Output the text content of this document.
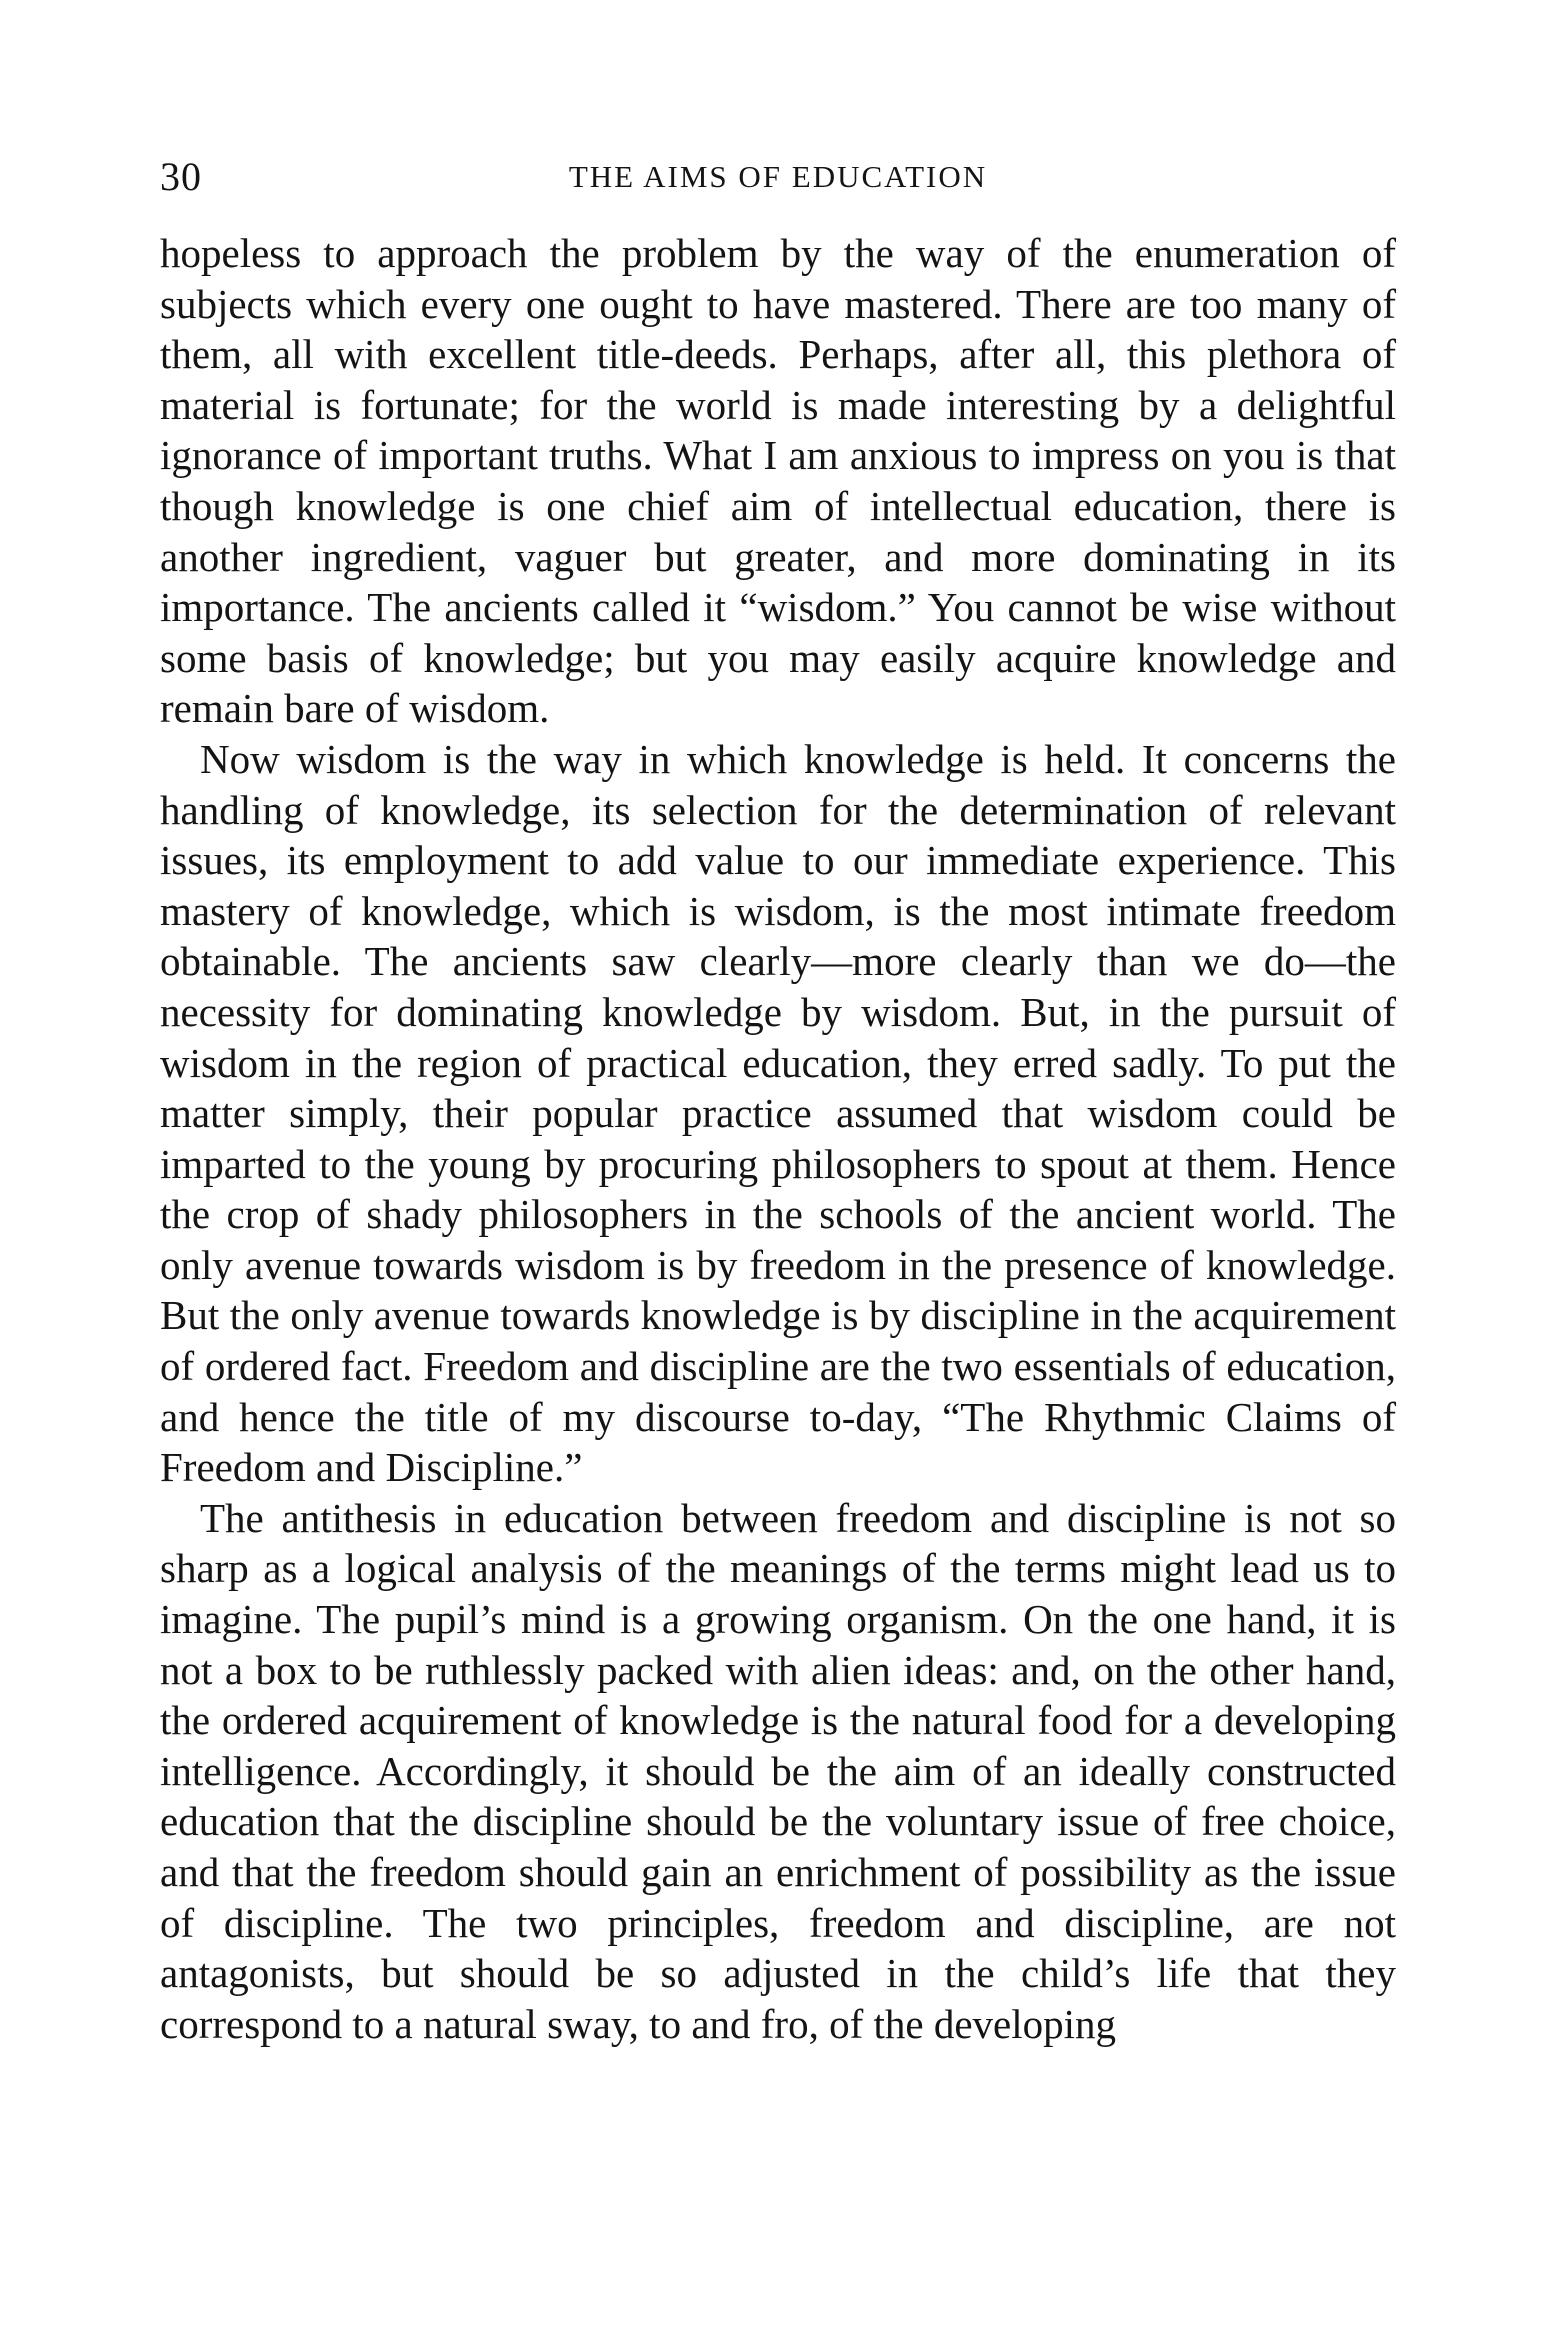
30	THE AIMS OF EDUCATION

hopeless to approach the problem by the way of the enumeration of subjects which every one ought to have mastered. There are too many of them, all with excellent title-deeds. Perhaps, after all, this plethora of material is fortunate; for the world is made interesting by a delightful ignorance of important truths. What I am anxious to impress on you is that though knowledge is one chief aim of intellectual education, there is another ingredient, vaguer but greater, and more dominating in its importance. The ancients called it “wisdom.” You cannot be wise without some basis of knowledge; but you may easily acquire knowledge and remain bare of wisdom.

Now wisdom is the way in which knowledge is held. It concerns the handling of knowledge, its selection for the determination of relevant issues, its employment to add value to our immediate experience. This mastery of knowledge, which is wisdom, is the most intimate freedom obtainable. The ancients saw clearly—more clearly than we do—the necessity for dominating knowledge by wisdom. But, in the pursuit of wisdom in the region of practical education, they erred sadly. To put the matter simply, their popular practice assumed that wisdom could be imparted to the young by procuring philosophers to spout at them. Hence the crop of shady philosophers in the schools of the ancient world. The only avenue towards wisdom is by freedom in the presence of knowledge. But the only avenue towards knowledge is by discipline in the acquirement of ordered fact. Freedom and discipline are the two essentials of education, and hence the title of my discourse to-day, “The Rhythmic Claims of Freedom and Discipline.”

The antithesis in education between freedom and discipline is not so sharp as a logical analysis of the meanings of the terms might lead us to imagine. The pupil’s mind is a growing organism. On the one hand, it is not a box to be ruthlessly packed with alien ideas: and, on the other hand, the ordered acquirement of knowledge is the natural food for a developing intelligence. Accordingly, it should be the aim of an ideally constructed education that the discipline should be the voluntary issue of free choice, and that the freedom should gain an enrichment of possibility as the issue of discipline. The two principles, freedom and discipline, are not antagonists, but should be so adjusted in the child’s life that they correspond to a natural sway, to and fro, of the developing
